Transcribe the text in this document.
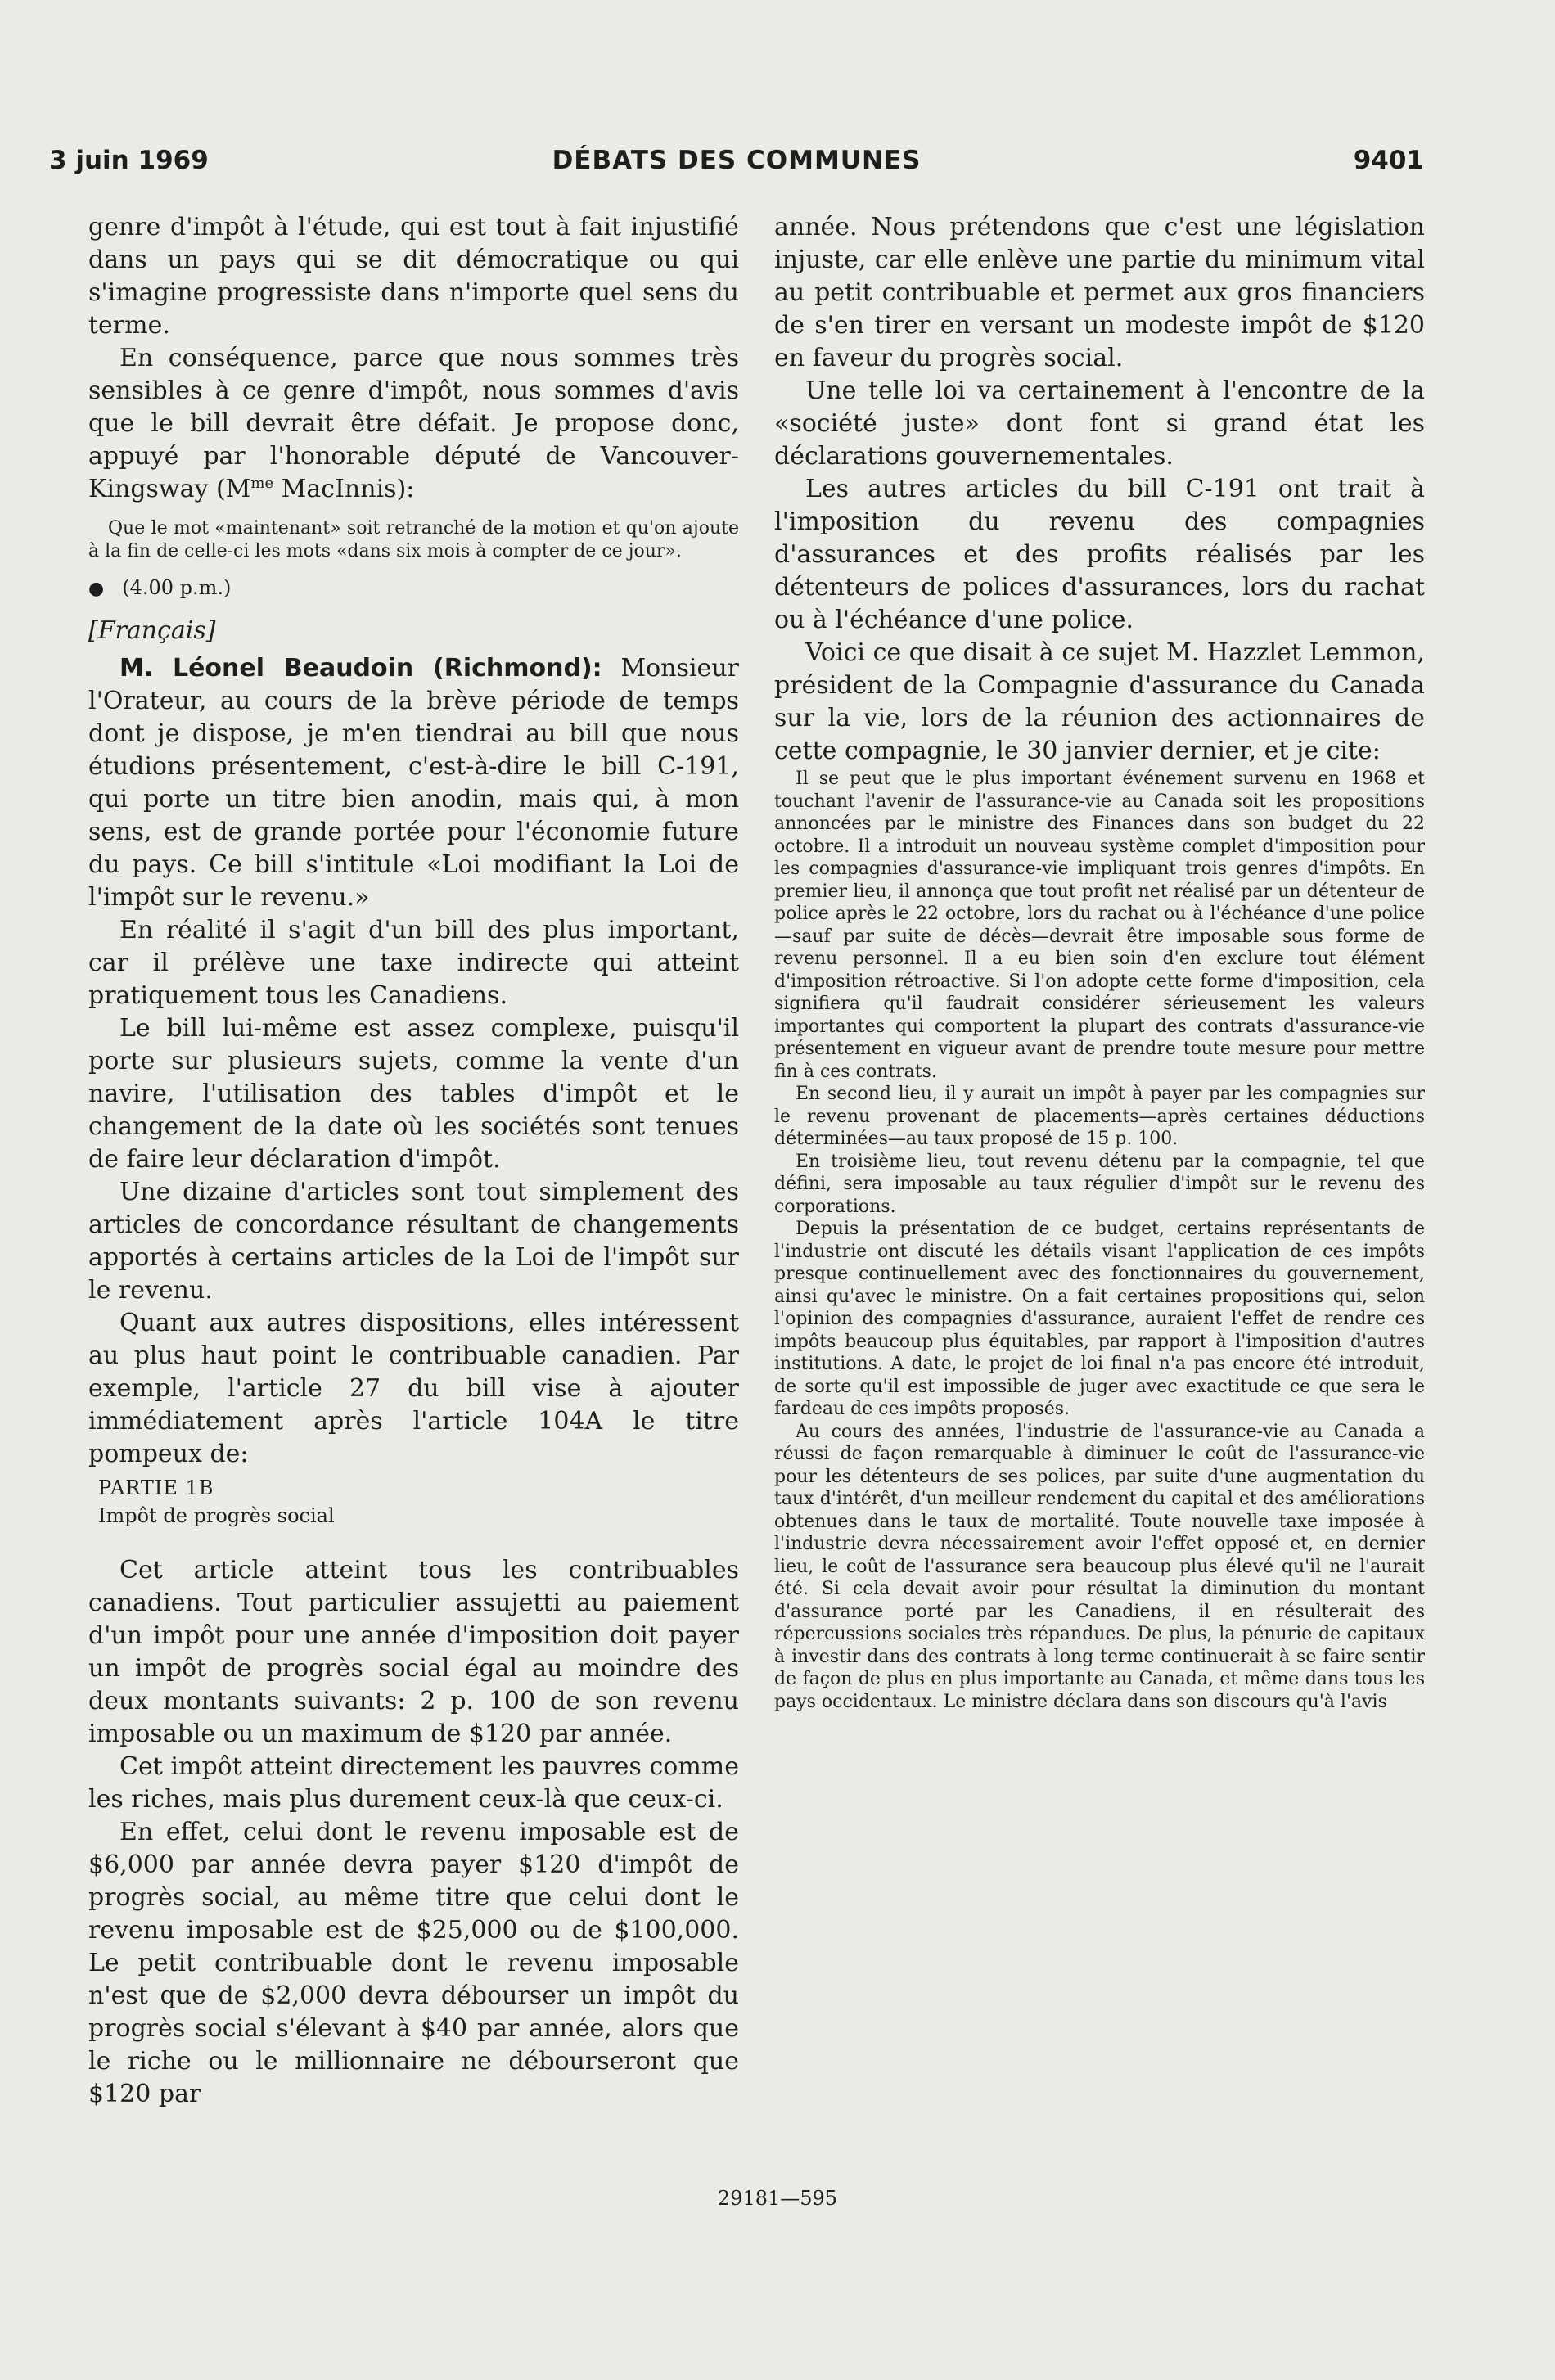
3 juin 1969	DÉBATS DES COMMUNES	9401

genre d'impôt à l'étude, qui est tout à fait injustifié dans un pays qui se dit démocratique ou qui s'imagine progressiste dans n'importe quel sens du terme.

En conséquence, parce que nous sommes très sensibles à ce genre d'impôt, nous sommes d'avis que le bill devrait être défait. Je propose donc, appuyé par l'honorable député de Vancouver-Kingsway ($M^{me}$ MacInnis):

Que le mot «maintenant» soit retranché de la motion et qu'on ajoute à la fin de celle-ci les mots «dans six mois à compter de ce jour».
● (4.00 p.m.)
[Français]

M. Léonel Beaudoin (Richmond): Monsieur l'Orateur, au cours de la brève période de temps dont je dispose, je m'en tiendrai au bill que nous étudions présentement, c'est-à-dire le bill C-191, qui porte un titre bien anodin, mais qui, à mon sens, est de grande portée pour l'économie future du pays. Ce bill s'intitule «Loi modifiant la Loi de l'impôt sur le revenu.»

En réalité il s'agit d'un bill des plus important, car il prélève une taxe indirecte qui atteint pratiquement tous les Canadiens.

Le bill lui-même est assez complexe, puisqu'il porte sur plusieurs sujets, comme la vente d'un navire, l'utilisation des tables d'impôt et le changement de la date où les sociétés sont tenues de faire leur déclaration d'impôt.

Une dizaine d'articles sont tout simplement des articles de concordance résultant de changements apportés à certains articles de la Loi de l'impôt sur le revenu.

Quant aux autres dispositions, elles intéressent au plus haut point le contribuable canadien. Par exemple, l'article 27 du bill vise à ajouter immédiatement après l'article 104A le titre pompeux de:

PARTIE 1B
Impôt de progrès social

Cet article atteint tous les contribuables canadiens. Tout particulier assujetti au paiement d'un impôt pour une année d'imposition doit payer un impôt de progrès social égal au moindre des deux montants suivants: 2 p. 100 de son revenu imposable ou un maximum de $120 par année.

Cet impôt atteint directement les pauvres comme les riches, mais plus durement ceux-là que ceux-ci.

En effet, celui dont le revenu imposable est de $6,000 par année devra payer $120 d'impôt de progrès social, au même titre que celui dont le revenu imposable est de $25,000 ou de $100,000. Le petit contribuable dont le revenu imposable n'est que de $2,000 devra débourser un impôt du progrès social s'élevant à $40 par année, alors que le riche ou le millionnaire ne débourseront que $120 par

année. Nous prétendons que c'est une législation injuste, car elle enlève une partie du minimum vital au petit contribuable et permet aux gros financiers de s'en tirer en versant un modeste impôt de $120 en faveur du progrès social.

Une telle loi va certainement à l'encontre de la «société juste» dont font si grand état les déclarations gouvernementales.

Les autres articles du bill C-191 ont trait à l'imposition du revenu des compagnies d'assurances et des profits réalisés par les détenteurs de polices d'assurances, lors du rachat ou à l'échéance d'une police.

Voici ce que disait à ce sujet M. Hazzlet Lemmon, président de la Compagnie d'assurance du Canada sur la vie, lors de la réunion des actionnaires de cette compagnie, le 30 janvier dernier, et je cite:

Il se peut que le plus important événement survenu en 1968 et touchant l'avenir de l'assurance-vie au Canada soit les propositions annoncées par le ministre des Finances dans son budget du 22 octobre. Il a introduit un nouveau système complet d'imposition pour les compagnies d'assurance-vie impliquant trois genres d'impôts. En premier lieu, il annonça que tout profit net réalisé par un détenteur de police après le 22 octobre, lors du rachat ou à l'échéance d'une police—sauf par suite de décès—devrait être imposable sous forme de revenu personnel. Il a eu bien soin d'en exclure tout élément d'imposition rétroactive. Si l'on adopte cette forme d'imposition, cela signifiera qu'il faudrait considérer sérieusement les valeurs importantes qui comportent la plupart des contrats d'assurance-vie présentement en vigueur avant de prendre toute mesure pour mettre fin à ces contrats.
En second lieu, il y aurait un impôt à payer par les compagnies sur le revenu provenant de placements—après certaines déductions déterminées—au taux proposé de 15 p. 100.
En troisième lieu, tout revenu détenu par la compagnie, tel que défini, sera imposable au taux régulier d'impôt sur le revenu des corporations.
Depuis la présentation de ce budget, certains représentants de l'industrie ont discuté les détails visant l'application de ces impôts presque continuellement avec des fonctionnaires du gouvernement, ainsi qu'avec le ministre. On a fait certaines propositions qui, selon l'opinion des compagnies d'assurance, auraient l'effet de rendre ces impôts beaucoup plus équitables, par rapport à l'imposition d'autres institutions. A date, le projet de loi final n'a pas encore été introduit, de sorte qu'il est impossible de juger avec exactitude ce que sera le fardeau de ces impôts proposés.
Au cours des années, l'industrie de l'assurance-vie au Canada a réussi de façon remarquable à diminuer le coût de l'assurance-vie pour les détenteurs de ses polices, par suite d'une augmentation du taux d'intérêt, d'un meilleur rendement du capital et des améliorations obtenues dans le taux de mortalité. Toute nouvelle taxe imposée à l'industrie devra nécessairement avoir l'effet opposé et, en dernier lieu, le coût de l'assurance sera beaucoup plus élevé qu'il ne l'aurait été. Si cela devait avoir pour résultat la diminution du montant d'assurance porté par les Canadiens, il en résulterait des répercussions sociales très répandues. De plus, la pénurie de capitaux à investir dans des contrats à long terme continuerait à se faire sentir de façon de plus en plus importante au Canada, et même dans tous les pays occidentaux. Le ministre déclara dans son discours qu'à l'avis
29181—595
